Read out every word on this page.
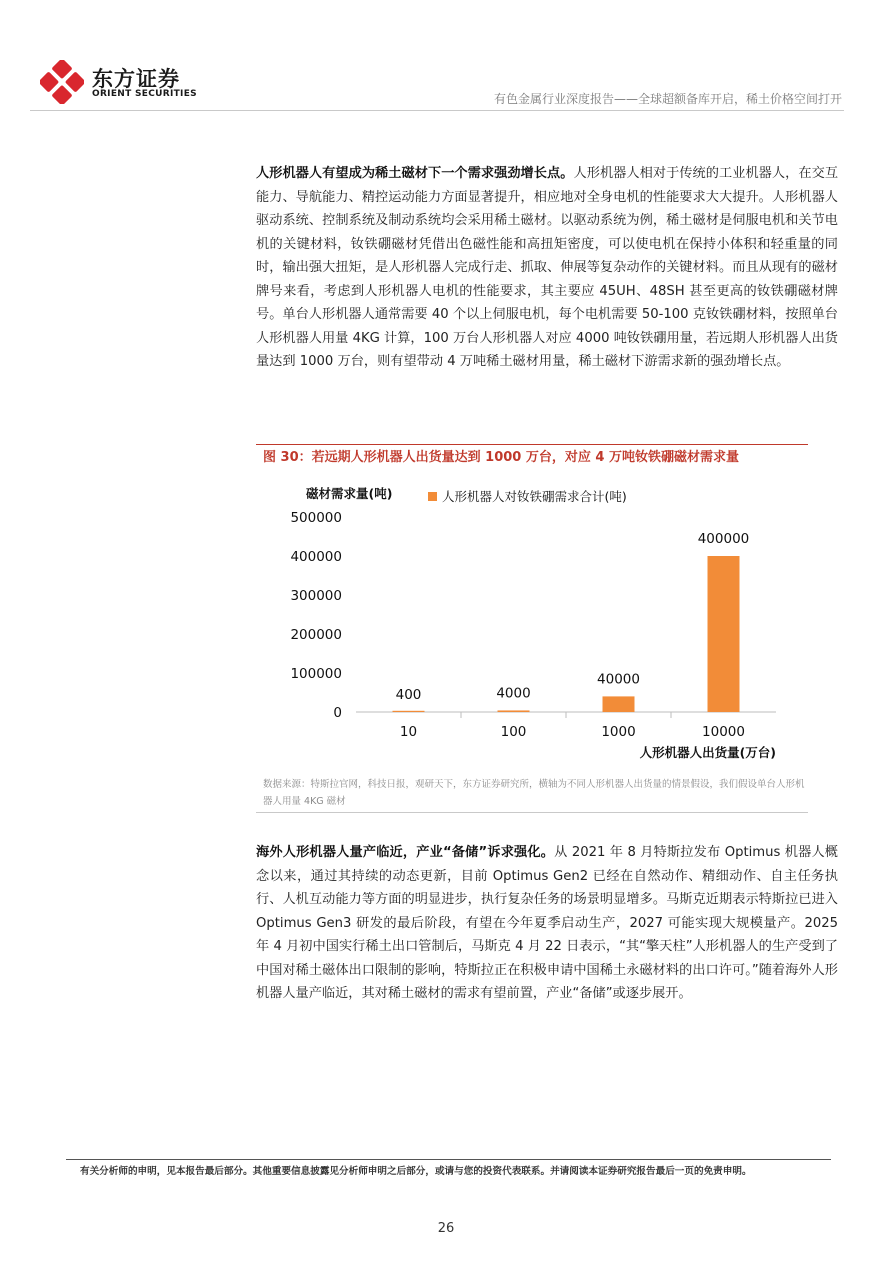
东方证券
ORIENT SECURITIES	有色金属行业深度报告——全球超额备库开启，稀土价格空间打开
人形机器人有望成为稀土磁材下一个需求强劲增长点。人形机器人相对于传统的工业机器人，在交互能力、导航能力、精控运动能力方面显著提升，相应地对全身电机的性能要求大大提升。人形机器人驱动系统、控制系统及制动系统均会采用稀土磁材。以驱动系统为例，稀土磁材是伺服电机和关节电机的关键材料，钕铁硼磁材凭借出色磁性能和高扭矩密度，可以使电机在保持小体积和轻重量的同时，输出强大扭矩，是人形机器人完成行走、抓取、伸展等复杂动作的关键材料。而且从现有的磁材牌号来看，考虑到人形机器人电机的性能要求，其主要应 45UH、48SH 甚至更高的钕铁硼磁材牌号。单台人形机器人通常需要 40 个以上伺服电机，每个电机需要 50-100 克钕铁硼材料，按照单台人形机器人用量 4KG 计算，100 万台人形机器人对应 4000 吨钕铁硼用量，若远期人形机器人出货量达到 1000 万台，则有望带动 4 万吨稀土磁材用量，稀土磁材下游需求新的强劲增长点。
图 30：若远期人形机器人出货量达到 1000 万台，对应 4 万吨钕铁硼磁材需求量
磁材需求量(吨)	人形机器人对钕铁硼需求合计(吨)
0
100000
200000
300000
400000
500000
400	4000
40000
400000
10	100	1000	10000
人形机器人出货量(万台)
数据来源：特斯拉官网，科技日报，观研天下，东方证券研究所，横轴为不同人形机器人出货量的情景假设，我们假设单台人形机器人用量 4KG 磁材
海外人形机器人量产临近，产业“备储”诉求强化。从 2021 年 8 月特斯拉发布 Optimus 机器人概念以来，通过其持续的动态更新，目前 Optimus Gen2 已经在自然动作、精细动作、自主任务执行、人机互动能力等方面的明显进步，执行复杂任务的场景明显增多。马斯克近期表示特斯拉已进入 Optimus Gen3 研发的最后阶段，有望在今年夏季启动生产，2027 可能实现大规模量产。2025 年 4 月初中国实行稀土出口管制后，马斯克 4 月 22 日表示，“其“擎天柱”人形机器人的生产受到了中国对稀土磁体出口限制的影响，特斯拉正在积极申请中国稀土永磁材料的出口许可。”随着海外人形机器人量产临近，其对稀土磁材的需求有望前置，产业“备储”或逐步展开。
有关分析师的申明，见本报告最后部分。其他重要信息披露见分析师申明之后部分，或请与您的投资代表联系。并请阅读本证券研究报告最后一页的免责申明。
26
